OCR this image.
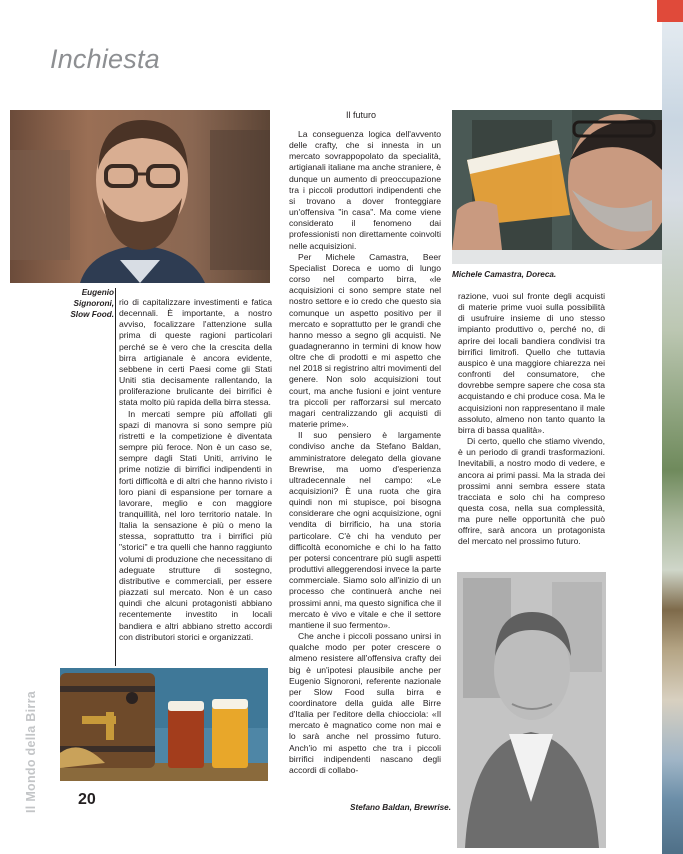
Inchiesta
Il Mondo della Birra	20
Eugenio Signoroni, Slow Food.

rio di capitalizzare investimenti e fatica decennali. È importante, a nostro avviso, focalizzare l'attenzione sulla prima di queste ragioni particolari perché se è vero che la crescita della birra artigianale è ancora evidente, sebbene in certi Paesi come gli Stati Uniti stia decisamente rallentando, la proliferazione brulicante dei birrifici è stata molto più rapida della birra stessa.

In mercati sempre più affollati gli spazi di manovra si sono sempre più ristretti e la competizione è diventata sempre più feroce. Non è un caso se, sempre dagli Stati Uniti, arrivino le prime notizie di birrifici indipendenti in forti difficoltà e di altri che hanno rivisto i loro piani di espansione per tornare a lavorare, meglio e con maggiore tranquillità, nel loro territorio natale. In Italia la sensazione è più o meno la stessa, soprattutto tra i birrifici più "storici" e tra quelli che hanno raggiunto volumi di produzione che necessitano di adeguate strutture di sostegno, distributive e commerciali, per essere piazzati sul mercato. Non è un caso quindi che alcuni protagonisti abbiano recentemente investito in locali bandiera e altri abbiano stretto accordi con distributori storici e organizzati.

Il futuro

La conseguenza logica dell'avvento delle crafty, che si innesta in un mercato sovrappopolato da specialità, artigianali italiane ma anche straniere, è dunque un aumento di preoccupazione tra i piccoli produttori indipendenti che si trovano a dover fronteggiare un'offensiva "in casa". Ma come viene considerato il fenomeno dai professionisti non direttamente coinvolti nelle acquisizioni.

Per Michele Camastra, Beer Specialist Doreca e uomo di lungo corso nel comparto birra, «le acquisizioni ci sono sempre state nel nostro settore e io credo che questo sia comunque un aspetto positivo per il mercato e soprattutto per le grandi che hanno messo a segno gli acquisti. Ne guadagneranno in termini di know how oltre che di prodotti e mi aspetto che nel 2018 si registrino altri movimenti del genere. Non solo acquisizioni tout court, ma anche fusioni e joint venture tra piccoli per rafforzarsi sul mercato magari centralizzando gli acquisti di materie prime».

Il suo pensiero è largamente condiviso anche da Stefano Baldan, amministratore delegato della giovane Brewrise, ma uomo d'esperienza ultradecennale nel campo: «Le acquisizioni? È una ruota che gira quindi non mi stupisce, poi bisogna considerare che ogni acquisizione, ogni vendita di birrificio, ha una storia particolare. C'è chi ha venduto per difficoltà economiche e chi lo ha fatto per potersi concentrare più sugli aspetti produttivi alleggerendosi invece la parte commerciale. Siamo solo all'inizio di un processo che continuerà anche nei prossimi anni, ma questo significa che il mercato è vivo e vitale e che il settore mantiene il suo fermento».

Che anche i piccoli possano unirsi in qualche modo per poter crescere o almeno resistere all'offensiva crafty dei big è un'ipotesi plausibile anche per Eugenio Signoroni, referente nazionale per Slow Food sulla birra e coordinatore della guida alle Birre d'Italia per l'editore della chiocciola: «Il mercato è magnatico come non mai e lo sarà anche nel prossimo futuro. Anch'io mi aspetto che tra i piccoli birrifici indipendenti nascano degli accordi di collabo-

Stefano Baldan, Brewrise.
Michele Camastra, Doreca.

razione, vuoi sul fronte degli acquisti di materie prime vuoi sulla possibilità di usufruire insieme di uno stesso impianto produttivo o, perché no, di aprire dei locali bandiera condivisi tra birrifici limitrofi. Quello che tuttavia auspico è una maggiore chiarezza nei confronti del consumatore, che dovrebbe sempre sapere che cosa sta acquistando e chi produce cosa. Ma le acquisizioni non rappresentano il male assoluto, almeno non tanto quanto la birra di bassa qualità».

Di certo, quello che stiamo vivendo, è un periodo di grandi trasformazioni. Inevitabili, a nostro modo di vedere, e ancora ai primi passi. Ma la strada dei prossimi anni sembra essere stata tracciata e solo chi ha compreso questa cosa, nella sua complessità, ma pure nelle opportunità che può offrire, sarà ancora un protagonista del mercato nel prossimo futuro.
